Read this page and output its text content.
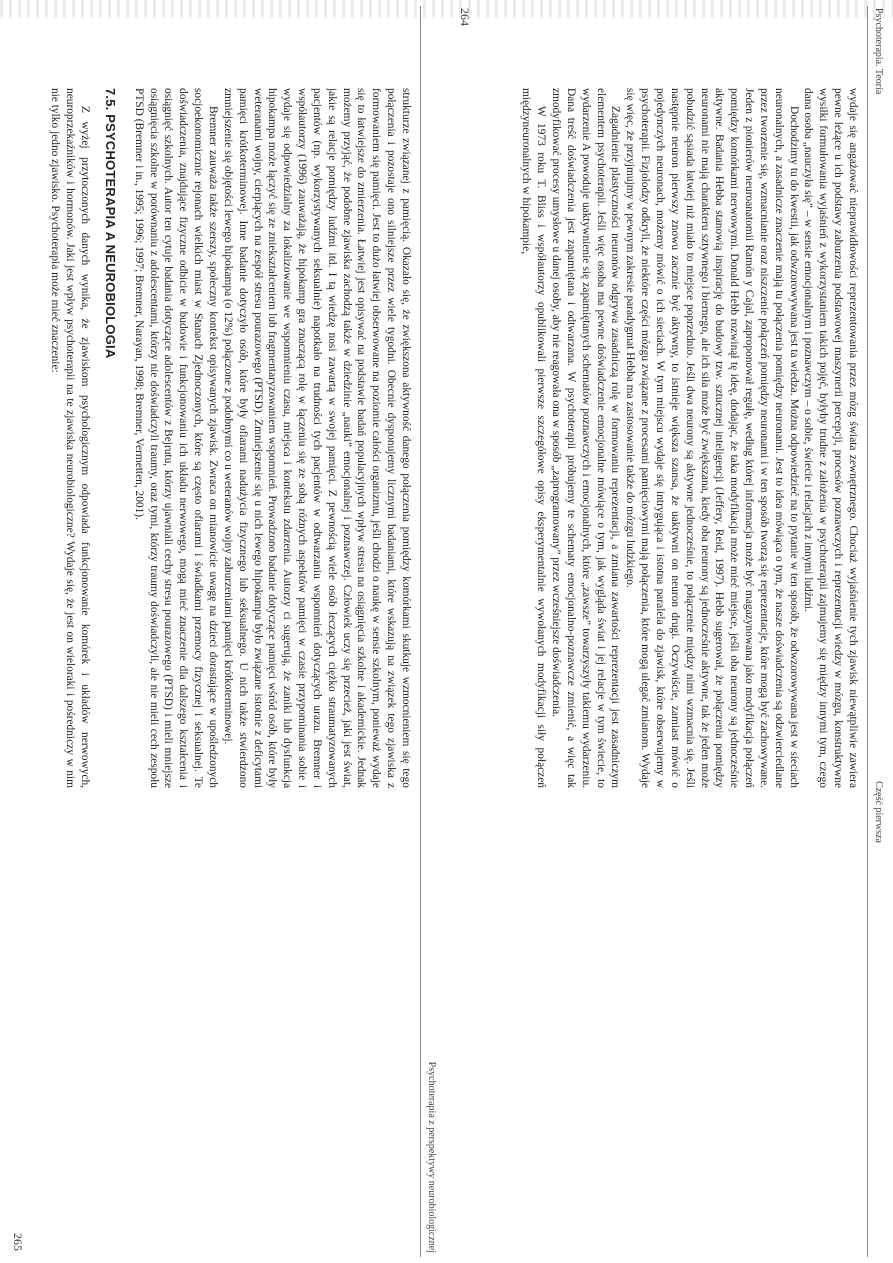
Psychoterapia. Teoria
Część pierwsza

wydaje się angażować nieprawidłowości reprezentowania przez mózg świata zewnętrznego. Chociaż wyjaśnienie tych zjawisk niewątpliwie zawiera pewne leżące u ich podstawy zaburzenia podstawowej maszynerii percepcji, procesów poznawczych i reprezentacji wiedzy w mózgu, konstruktywne wysiłki formułowania wyjaśnień z wykorzystaniem takich pojęć, byłyby trudne z założenia w psychoterapii zajmujemy się między innymi tym, czego dana osoba „nauczyła się” – w sensie emocjonalnym i poznawczym – o sobie, świecie i relacjach z innymi ludźmi.

Dochodzimy tu do kwestii, jak odwzorowywana jest ta wiedza. Można odpowiedzieć na to pytanie w ten sposób, że odwzorowywana jest w sieciach neuronalnych, a zasadnicze znaczenie mają tu połączenia pomiędzy neuronami. Jest to idea mówiąca o tym, że nasze doświadczenia są odzwierciedlane przez tworzenie się, wzmacnianie oraz niszczenie połączeń pomiędzy neuronami i w ten sposób tworzą się reprezentacje, które mogą być zachowywane. Jeden z pionierów neuroanatomii Ramón y Cajal, zaproponował regułę, według której informacja może być magazynowana jako modyfikacja połączeń pomiędzy komórkami nerwowymi. Donald Hebb rozwinął tę ideę, dodając, że taka modyfikacja może mieć miejsce, jeśli oba neurony są jednocześnie aktywne. Badania Hebba stanowią inspirację do budowy tzw. sztucznej inteligencji (Jeffery, Reid, 1997). Hebb sugerował, że połączenia pomiędzy neuronami nie mają charakteru sztywnego i biernego, ale ich siła może być zwiększana, kiedy oba neurony są jednocześnie aktywne, tak że jeden może pobudzić sąsiada łatwiej niż miało to miejsce poprzednio. Jeśli dwa neurony są aktywne jednocześnie, to połączenie między nimi wzmacnia się. Jeśli następnie neuron pierwszy znowu zacznie być aktywny, to istnieje większa szansa, że uaktywni on neuron drugi. Oczywiście, zamiast mówić o pojedynczych neuronach, możemy mówić o ich sieciach. W tym miejscu wydaje się intrygująca i istotna paralela do zjawisk, które obserwujemy w psychoterapii. Fizjolodzy odkryli, że niektóre części mózgu związane z procesami pamięciowymi mają połączenia, które mogą ulegać zmianom. Wydaje się więc, że przyjmujmy w pewnym zakresie paradygmat Hebba ma zastosowanie także do mózgu ludzkiego.

Zagadnienie plastyczności neuronów odgrywa zasadniczą rolę w formowaniu reprezentacji, a zmiana zawartości reprezentacji jest zasadniczym elementem psychoterapii. Jeśli więc osoba ma pewne doświadczenie emocjonalne mówiące o tym, jak wygląda świat i jej relacje w tym świecie, to wydarzenie A powoduje uaktywnienie się zapamiętanych schematów poznawczych i emocjonalnych, które „zawsze” towarzyszyły takiemu wydarzeniu. Dana treść doświadczenia jest zapamiętana i odtwarzana. W psychoterapii próbujemy te schematy emocjonalno-poznawcze zmienić, a więc tak zmodyfikować procesy umysłowe u danej osoby, aby nie reagowała ona w sposób „zaprogramowany” przez wcześniejsze doświadczenia.

W 1973 roku T. Bliss i współautorzy opublikowali pierwsze szczegółowe opisy eksperymentalnie wywołanych modyfikacji siły połączeń międzyneuronalnych w hipokampie,

264
Psychoterapia z perspektywy neurobiologicznej

strukturze związanej z pamięcią. Okazało się, że zwiększona aktywność danego połączenia pomiędzy komórkami skutkuje wzmocnieniem się tego połączenia i pozostaje ono silniejsze przez wiele tygodni. Obecnie dysponujemy licznymi badaniami, które wskazują na związek tego zjawiska z formowaniem się pamięci. Jest to dużo łatwiej obserwowane na poziomie całości organizmu, jeśli chodzi o naukę w sensie szkolnym, ponieważ wydaje się to łatwiejsze do zmierzenia. Łatwiej jest opisywać na podstawie badań populacyjnych wpływ stresu na osiągnięcia szkolne i akademickie. Jednak możemy przyjąć, że podobne zjawiska zachodzą także w dziedzinie „nauki” emocjonalnej i poznawczej. Człowiek uczy się przecież, jaki jest świat, jakie są relacje pomiędzy ludźmi itd. I tą wiedzę nosi zawartą w swojej pamięci. Z pewnością wiele osób leczących ciężko straumatyzowanych pacjentów (np. wykorzystywanych seksualnie) napotkało na trudności tych pacjentów w odtwarzaniu wspomnień dotyczących urazu. Bremner i współautorzy (1996) zauważają, że hipokamp gra znaczącą rolę w łączeniu się ze sobą różnych aspektów pamięci w czasie przypominania sobie i wydaje się odpowiedzialny za lokalizowanie we wspomnieniu czasu, miejsca i kontekstu zdarzenia. Autorzy ci sugerują, że zaniki lub dysfunkcja hipokampa może łączyć się ze zniekształceniem lub fragmentaryzowaniem wspomnień. Prowadzono badanie dotyczące pamięci wśród osób, które były weteranami wojny, cierpiących na zespół stresu pourazowego (PTSD). Zmniejszenie się u nich lewego hipokampa było związane istotnie z deficytami pamięci krótkoterminowej. Inne badanie dotyczyło osób, które były ofiarami nadużycia fizycznego lub seksualnego. U nich także stwierdzono zmniejszenie się objętości lewego hipokampa (o 12%) połączone z podobnymi co u weteranów wojny zaburzeniami pamięci krótkoterminowej.

Bremner zauważa także szerszy, społeczny kontekst opisywanych zjawisk. Zwraca on mianowicie uwagę na dzieci dorastające w upośledzonych socjoekonomicznie rejonach wielkich miast w Stanach Zjednoczonych, które są często ofiarami i świadkami przemocy fizycznej i seksualnej. Te doświadczenia, znajdujące fizyczne odbicie w budowie i funkcjonowaniu ich układu nerwowego, mogą mieć znaczenie dla dalszego kształcenia i osiągnięć szkolnych. Autor ten cytuje badania dotyczące adolescentów z Bejrutu, którzy ujawniali cechy stresu pourazowego (PTSD) i mieli mniejsze osiągnięcia szkolne w porównaniu z adolescentami, którzy nie doświadczyli traumy, oraz tymi, którzy traumy doświadczyli, ale nie mieli cech zespołu PTSD (Bremner i in., 1995; 1996; 1997; Bremner, Narayan, 1998; Bremner, Vermetten, 2001).

7.5. PSYCHOTERAPIA A NEUROBIOLOGIA

Z wyżej przytoczonych danych wynika, że zjawiskom psychologicznym odpowiada funkcjonowanie komórek i układów nerwowych, neuroprzekaźników i hormonów. Jaki jest wpływ psychoterapii na te zjawiska neurobiologiczne? Wydaje się, że jest on wieloraki i pośredniczy w nim nie tylko jedno zjawisko. Psychoterapia może mieć znaczenie:

265
